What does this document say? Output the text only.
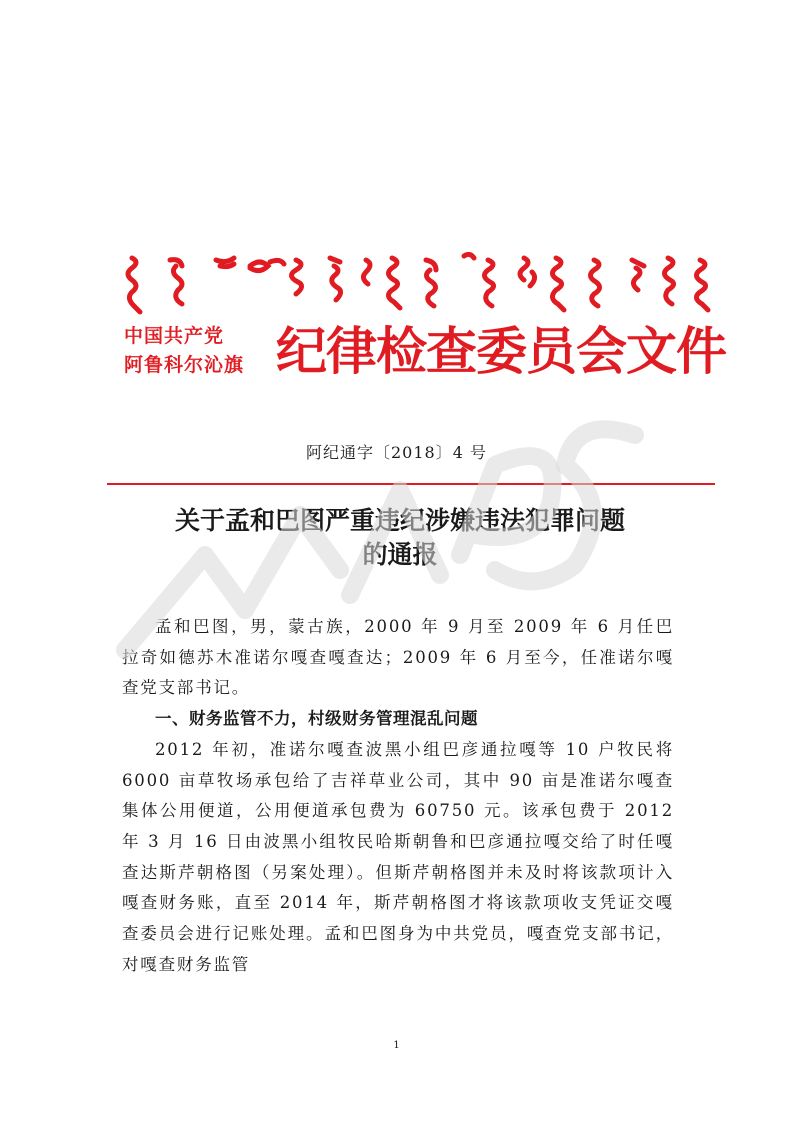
中国共产党
阿鲁科尔沁旗 纪律检查委员会文件
阿纪通字〔2018〕4 号
关于孟和巴图严重违纪涉嫌违法犯罪问题
的通报

孟和巴图，男，蒙古族，2000 年 9 月至 2009 年 6 月任巴拉奇如德苏木准诺尔嘎查嘎查达；2009 年 6 月至今，任准诺尔嘎查党支部书记。

一、财务监管不力，村级财务管理混乱问题

2012 年初，准诺尔嘎查波黑小组巴彦通拉嘎等 10 户牧民将 6000 亩草牧场承包给了吉祥草业公司，其中 90 亩是准诺尔嘎查集体公用便道，公用便道承包费为 60750 元。该承包费于 2012 年 3 月 16 日由波黑小组牧民哈斯朝鲁和巴彦通拉嘎交给了时任嘎查达斯芹朝格图（另案处理）。但斯芹朝格图并未及时将该款项计入嘎查财务账，直至 2014 年，斯芹朝格图才将该款项收支凭证交嘎查委员会进行记账处理。孟和巴图身为中共党员，嘎查党支部书记，对嘎查财务监管

1
